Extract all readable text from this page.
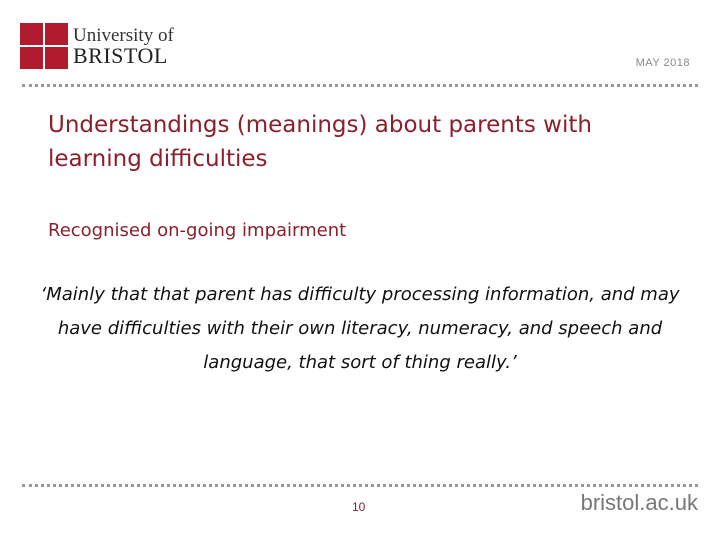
University of
BRISTOL	MAY 2018
Understandings (meanings) about parents with learning difficulties
Recognised on-going impairment
‘Mainly that that parent has difficulty processing information, and may have difficulties with their own literacy, numeracy, and speech and language, that sort of thing really.’
10	bristol.ac.uk
